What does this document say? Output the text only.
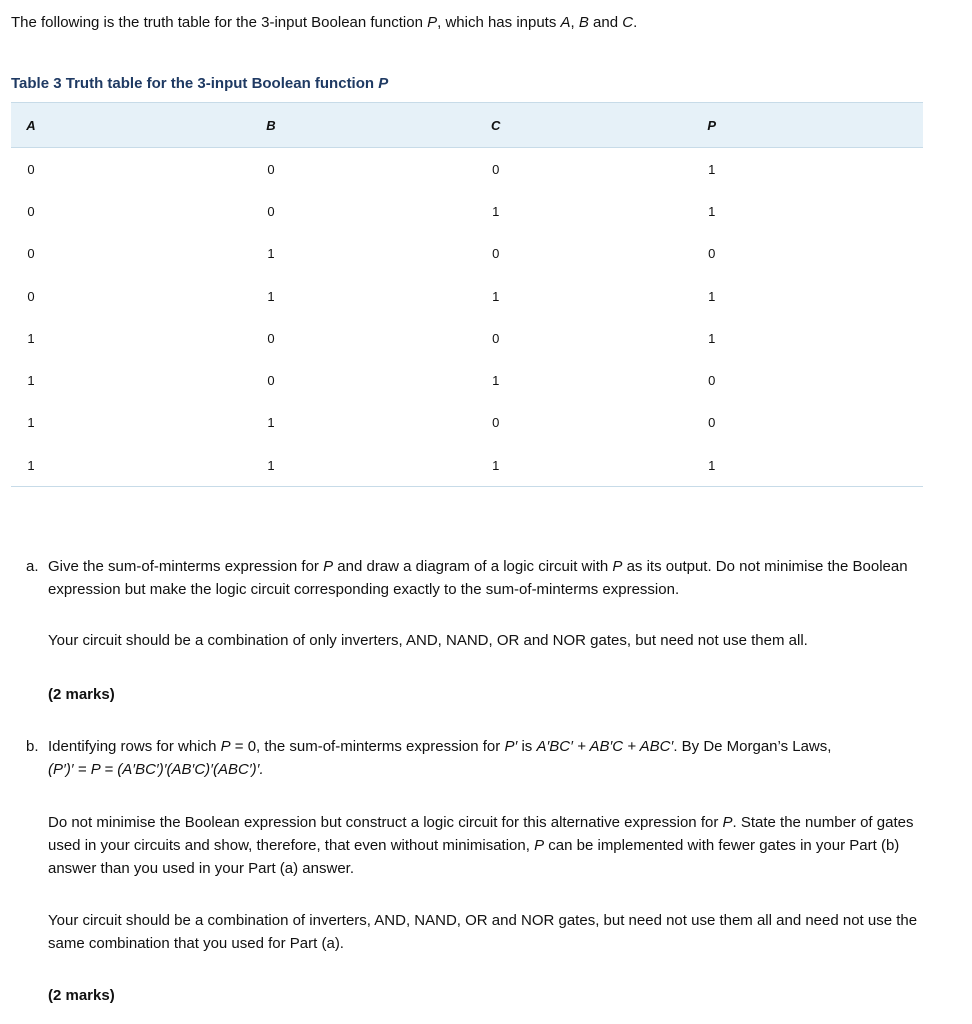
The following is the truth table for the 3-input Boolean function P, which has inputs A, B and C.
Table 3 Truth table for the 3-input Boolean function P
A	B	C	P
0	0	0	1
0	0	1	1
0	1	0	0
0	1	1	1
1	0	0	1
1	0	1	0
1	1	0	0
1	1	1	1
a. Give the sum-of-minterms expression for P and draw a diagram of a logic circuit with P as its output. Do not minimise the Boolean expression but make the logic circuit corresponding exactly to the sum-of-minterms expression.
Your circuit should be a combination of only inverters, AND, NAND, OR and NOR gates, but need not use them all.
(2 marks)
b. Identifying rows for which P = 0, the sum-of-minterms expression for P′ is A′BC′ + AB′C + ABC′. By De Morgan’s Laws,
(P′)′ = P = (A′BC′)′(AB′C)′(ABC′)′.
Do not minimise the Boolean expression but construct a logic circuit for this alternative expression for P. State the number of gates used in your circuits and show, therefore, that even without minimisation, P can be implemented with fewer gates in your Part (b) answer than you used in your Part (a) answer.
Your circuit should be a combination of inverters, AND, NAND, OR and NOR gates, but need not use them all and need not use the same combination that you used for Part (a).
(2 marks)
